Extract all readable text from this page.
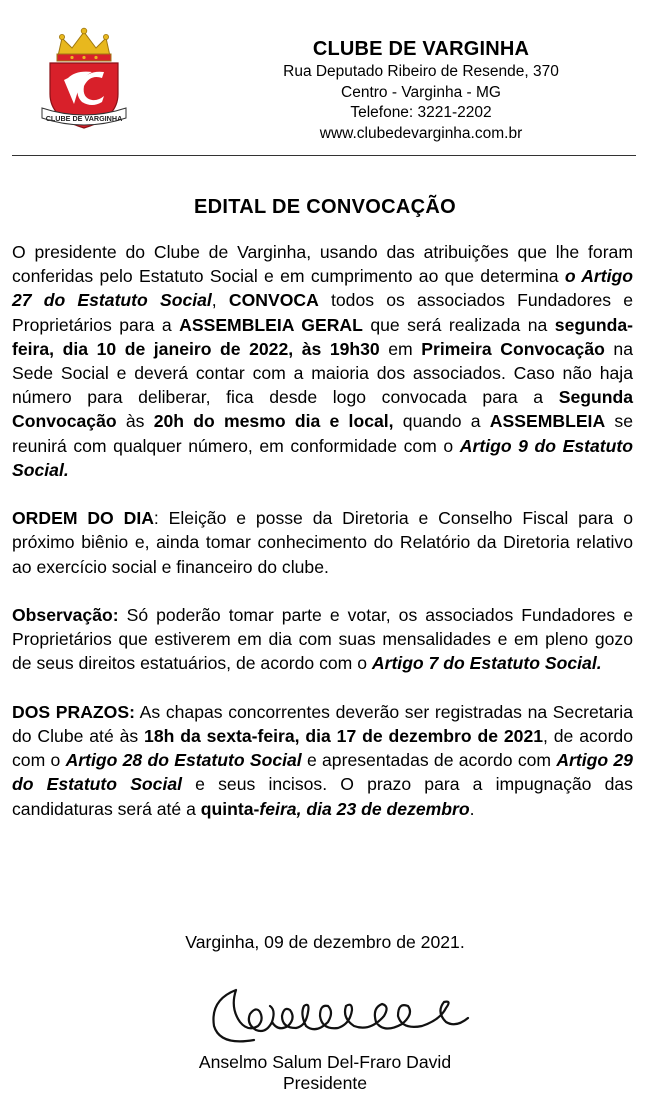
VC
CLUBE DE VARGINHA
CLUBE DE VARGINHA
Rua Deputado Ribeiro de Resende, 370
Centro - Varginha - MG
Telefone: 3221-2202
www.clubedevarginha.com.br
EDITAL DE CONVOCAÇÃO

O presidente do Clube de Varginha, usando das atribuições que lhe foram conferidas pelo Estatuto Social e em cumprimento ao que determina o Artigo 27 do Estatuto Social, CONVOCA todos os associados Fundadores e Proprietários para a ASSEMBLEIA GERAL que será realizada na segunda-feira, dia 10 de janeiro de 2022, às 19h30 em Primeira Convocação na Sede Social e deverá contar com a maioria dos associados. Caso não haja número para deliberar, fica desde logo convocada para a Segunda Convocação às 20h do mesmo dia e local, quando a ASSEMBLEIA se reunirá com qualquer número, em conformidade com o Artigo 9 do Estatuto Social.

ORDEM DO DIA: Eleição e posse da Diretoria e Conselho Fiscal para o próximo biênio e, ainda tomar conhecimento do Relatório da Diretoria relativo ao exercício social e financeiro do clube.

Observação: Só poderão tomar parte e votar, os associados Fundadores e Proprietários que estiverem em dia com suas mensalidades e em pleno gozo de seus direitos estatuários, de acordo com o Artigo 7 do Estatuto Social.

DOS PRAZOS: As chapas concorrentes deverão ser registradas na Secretaria do Clube até às 18h da sexta-feira, dia 17 de dezembro de 2021, de acordo com o Artigo 28 do Estatuto Social e apresentadas de acordo com Artigo 29 do Estatuto Social e seus incisos. O prazo para a impugnação das candidaturas será até a quinta-feira, dia 23 de dezembro.

Varginha, 09 de dezembro de 2021.
Anselmo Salum Del-Fraro David
Presidente
